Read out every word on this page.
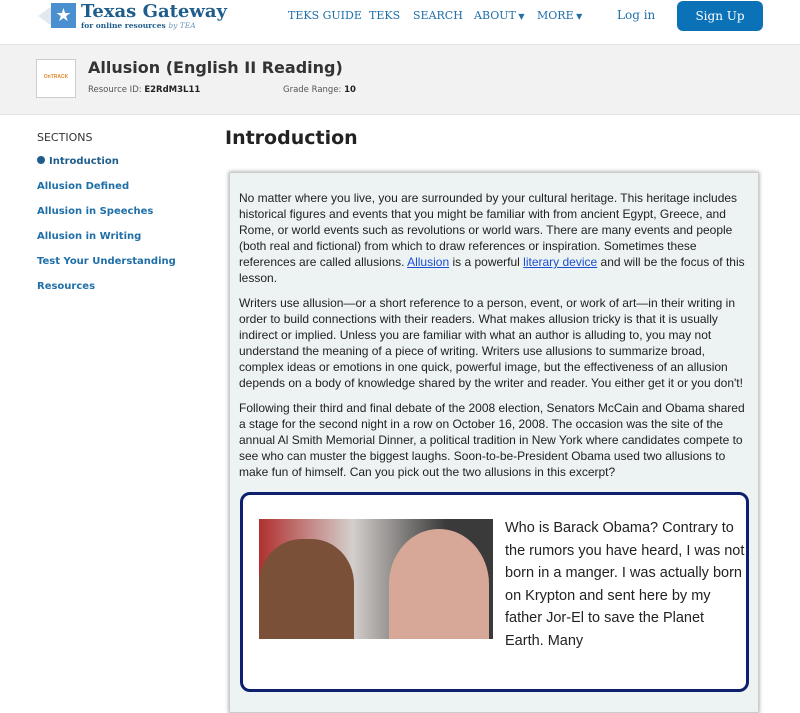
★ Texas Gateway
for online resources by TEA
TEKS GUIDE TEKS SEARCH ABOUT ▼ MORE ▼	Log in	Sign Up
OnTRACK	Allusion (English II Reading)
Resource ID: E2RdM3L11	Grade Range: 10
SECTIONS
Introduction
Allusion Defined
Allusion in Speeches
Allusion in Writing
Test Your Understanding
Resources
Introduction

No matter where you live, you are surrounded by your cultural heritage. This heritage includes historical figures and events that you might be familiar with from ancient Egypt, Greece, and Rome, or world events such as revolutions or world wars. There are many events and people (both real and fictional) from which to draw references or inspiration. Sometimes these references are called allusions. Allusion is a powerful literary device and will be the focus of this lesson.

Writers use allusion—or a short reference to a person, event, or work of art—in their writing in order to build connections with their readers. What makes allusion tricky is that it is usually indirect or implied. Unless you are familiar with what an author is alluding to, you may not understand the meaning of a piece of writing. Writers use allusions to summarize broad, complex ideas or emotions in one quick, powerful image, but the effectiveness of an allusion depends on a body of knowledge shared by the writer and reader. You either get it or you don't!

Following their third and final debate of the 2008 election, Senators McCain and Obama shared a stage for the second night in a row on October 16, 2008. The occasion was the site of the annual Al Smith Memorial Dinner, a political tradition in New York where candidates compete to see who can muster the biggest laughs. Soon-to-be-President Obama used two allusions to make fun of himself. Can you pick out the two allusions in this excerpt?

Who is Barack Obama? Contrary to the rumors you have heard, I was not born in a manger. I was actually born on Krypton and sent here by my father Jor-El to save the Planet Earth. Many
